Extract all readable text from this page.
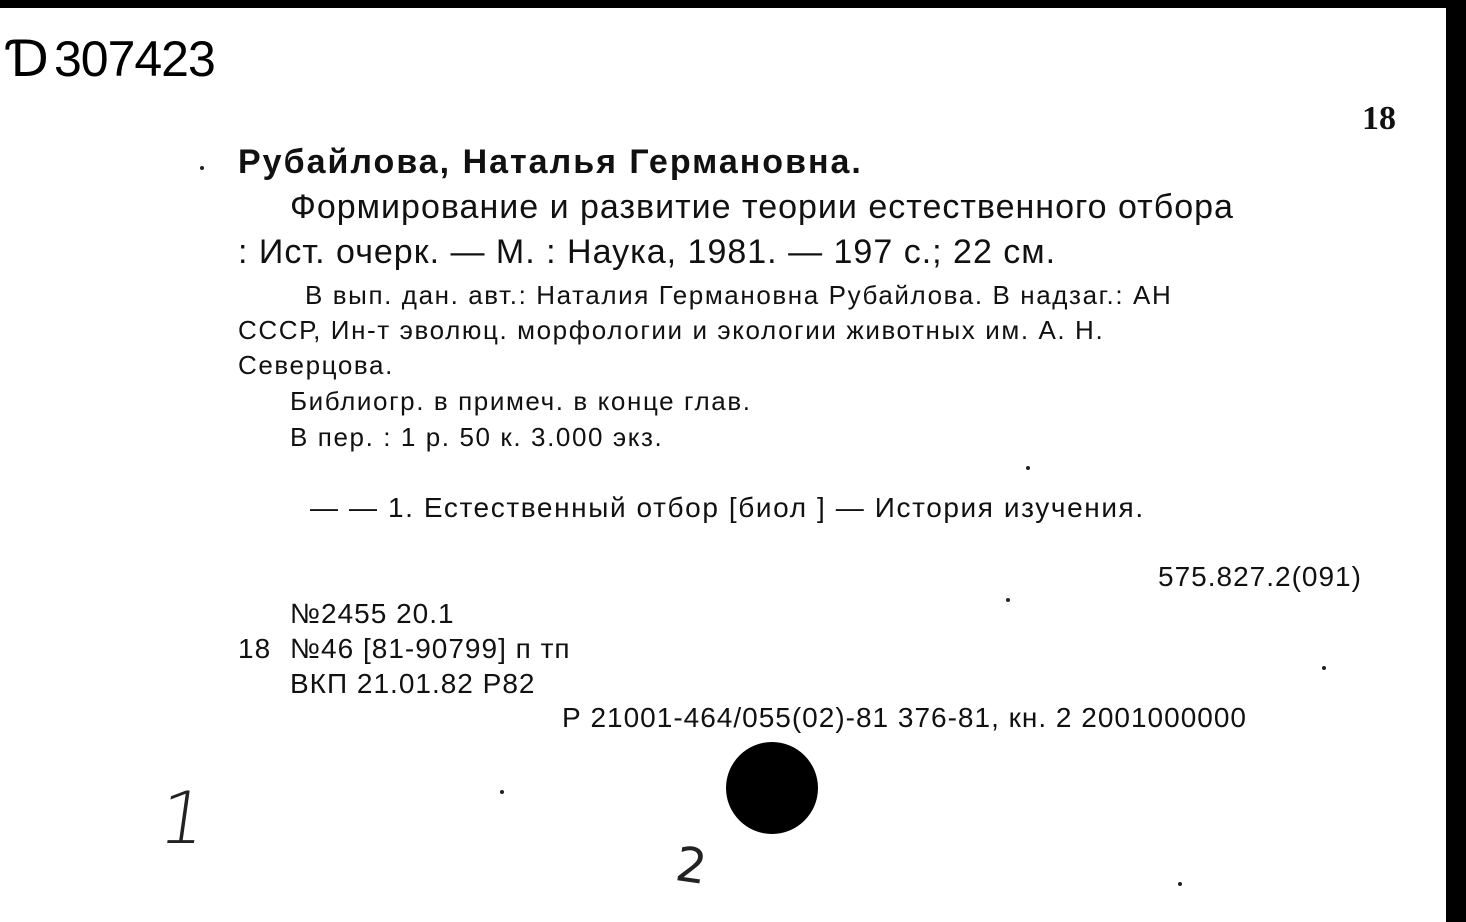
Ɗ 307423
18
Рубайлова, Наталья Германовна.
Формирование и развитие теории естественного отбора
: Ист. очерк. — М. : Наука, 1981. — 197 с.; 22 см.
В вып. дан. авт.: Наталия Германовна Рубайлова. В надзаг.: АН
СССР, Ин-т эволюц. морфологии и экологии животных им. А. Н.
Северцова.
Библиогр. в примеч. в конце глав.
В пер. : 1 р. 50 к. 3.000 экз.
— — 1. Естественный отбор [биол ] — История изучения.
575.827.2(091)
№2455 20.1
18 №46 [81-90799] п тп
ВКП 21.01.82 Р82
Р 21001-464/055(02)-81 376-81, кн. 2 2001000000
1
2
